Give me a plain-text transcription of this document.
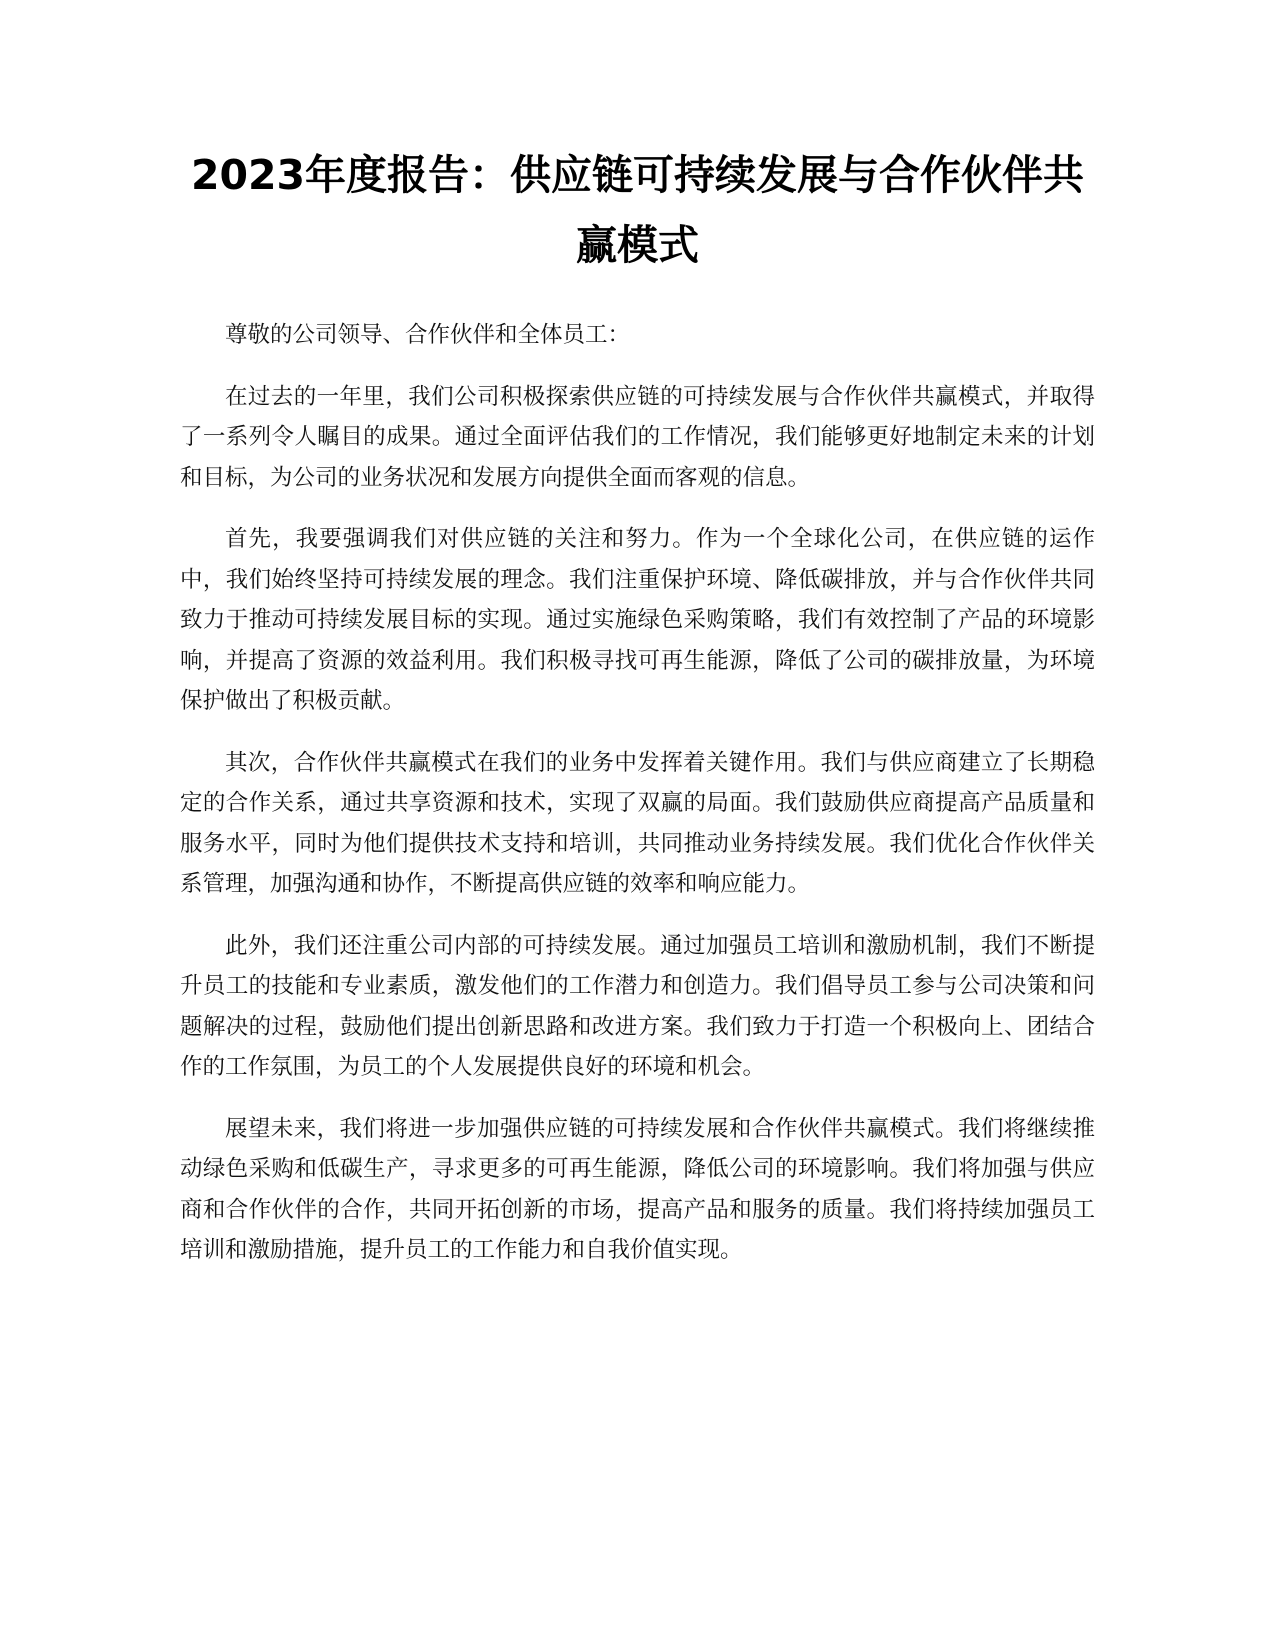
2023年度报告：供应链可持续发展与合作伙伴共赢模式

尊敬的公司领导、合作伙伴和全体员工：

在过去的一年里，我们公司积极探索供应链的可持续发展与合作伙伴共赢模式，并取得了一系列令人瞩目的成果。通过全面评估我们的工作情况，我们能够更好地制定未来的计划和目标，为公司的业务状况和发展方向提供全面而客观的信息。

首先，我要强调我们对供应链的关注和努力。作为一个全球化公司，在供应链的运作中，我们始终坚持可持续发展的理念。我们注重保护环境、降低碳排放，并与合作伙伴共同致力于推动可持续发展目标的实现。通过实施绿色采购策略，我们有效控制了产品的环境影响，并提高了资源的效益利用。我们积极寻找可再生能源，降低了公司的碳排放量，为环境保护做出了积极贡献。

其次，合作伙伴共赢模式在我们的业务中发挥着关键作用。我们与供应商建立了长期稳定的合作关系，通过共享资源和技术，实现了双赢的局面。我们鼓励供应商提高产品质量和服务水平，同时为他们提供技术支持和培训，共同推动业务持续发展。我们优化合作伙伴关系管理，加强沟通和协作，不断提高供应链的效率和响应能力。

此外，我们还注重公司内部的可持续发展。通过加强员工培训和激励机制，我们不断提升员工的技能和专业素质，激发他们的工作潜力和创造力。我们倡导员工参与公司决策和问题解决的过程，鼓励他们提出创新思路和改进方案。我们致力于打造一个积极向上、团结合作的工作氛围，为员工的个人发展提供良好的环境和机会。

展望未来，我们将进一步加强供应链的可持续发展和合作伙伴共赢模式。我们将继续推动绿色采购和低碳生产，寻求更多的可再生能源，降低公司的环境影响。我们将加强与供应商和合作伙伴的合作，共同开拓创新的市场，提高产品和服务的质量。我们将持续加强员工培训和激励措施，提升员工的工作能力和自我价值实现。
